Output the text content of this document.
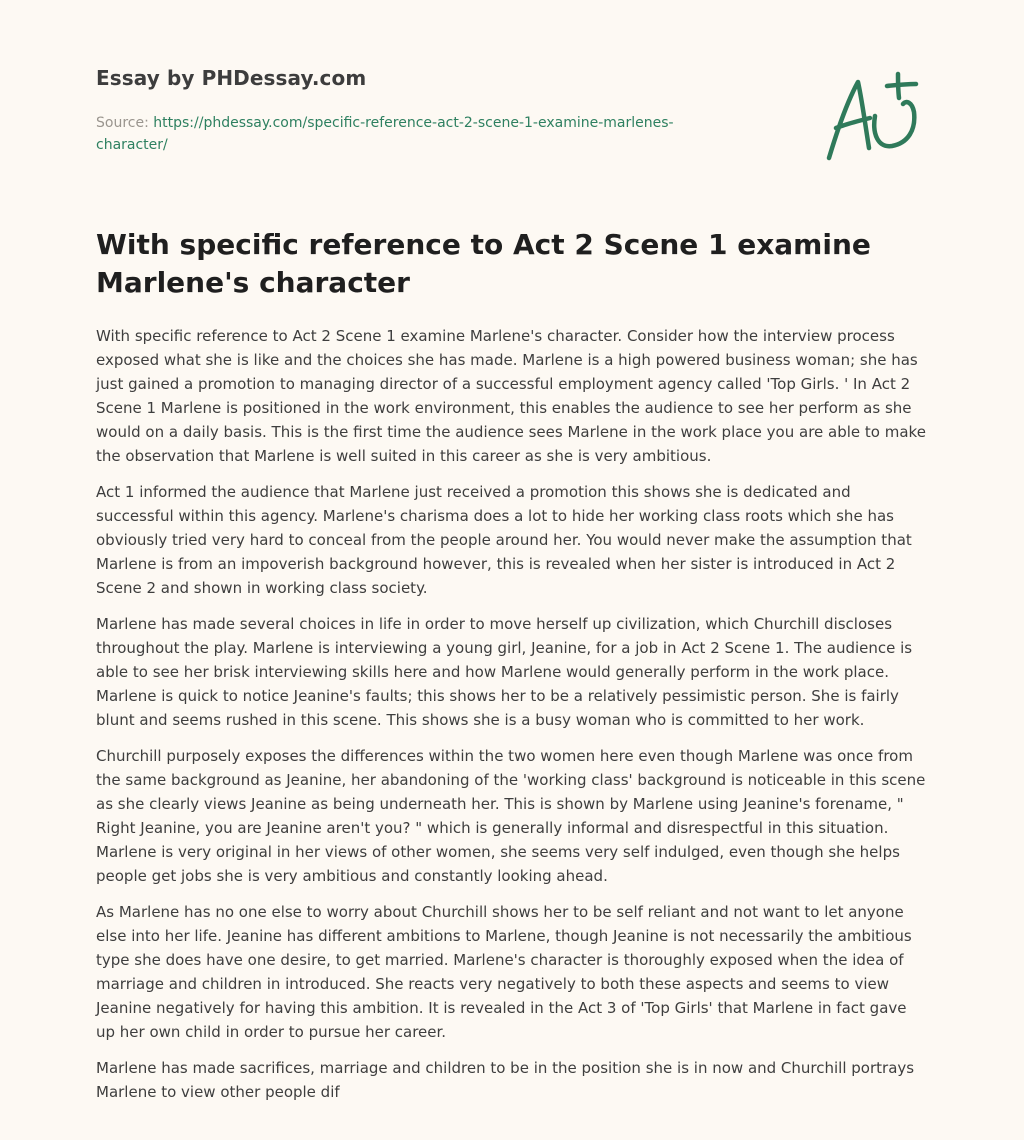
Essay by PHDessay.com

Source: https://phdessay.com/specific-reference-act-2-scene-1-examine-marlenes-character/

With specific reference to Act 2 Scene 1 examine Marlene's character

With specific reference to Act 2 Scene 1 examine Marlene's character. Consider how the interview process exposed what she is like and the choices she has made. Marlene is a high powered business woman; she has just gained a promotion to managing director of a successful employment agency called 'Top Girls. ' In Act 2 Scene 1 Marlene is positioned in the work environment, this enables the audience to see her perform as she would on a daily basis. This is the first time the audience sees Marlene in the work place you are able to make the observation that Marlene is well suited in this career as she is very ambitious.

Act 1 informed the audience that Marlene just received a promotion this shows she is dedicated and successful within this agency. Marlene's charisma does a lot to hide her working class roots which she has obviously tried very hard to conceal from the people around her. You would never make the assumption that Marlene is from an impoverish background however, this is revealed when her sister is introduced in Act 2 Scene 2 and shown in working class society.

Marlene has made several choices in life in order to move herself up civilization, which Churchill discloses throughout the play. Marlene is interviewing a young girl, Jeanine, for a job in Act 2 Scene 1. The audience is able to see her brisk interviewing skills here and how Marlene would generally perform in the work place. Marlene is quick to notice Jeanine's faults; this shows her to be a relatively pessimistic person. She is fairly blunt and seems rushed in this scene. This shows she is a busy woman who is committed to her work.

Churchill purposely exposes the differences within the two women here even though Marlene was once from the same background as Jeanine, her abandoning of the 'working class' background is noticeable in this scene as she clearly views Jeanine as being underneath her. This is shown by Marlene using Jeanine's forename, " Right Jeanine, you are Jeanine aren't you? " which is generally informal and disrespectful in this situation. Marlene is very original in her views of other women, she seems very self indulged, even though she helps people get jobs she is very ambitious and constantly looking ahead.

As Marlene has no one else to worry about Churchill shows her to be self reliant and not want to let anyone else into her life. Jeanine has different ambitions to Marlene, though Jeanine is not necessarily the ambitious type she does have one desire, to get married. Marlene's character is thoroughly exposed when the idea of marriage and children in introduced. She reacts very negatively to both these aspects and seems to view Jeanine negatively for having this ambition. It is revealed in the Act 3 of 'Top Girls' that Marlene in fact gave up her own child in order to pursue her career.

Marlene has made sacrifices, marriage and children to be in the position she is in now and Churchill portrays Marlene to view other people dif
